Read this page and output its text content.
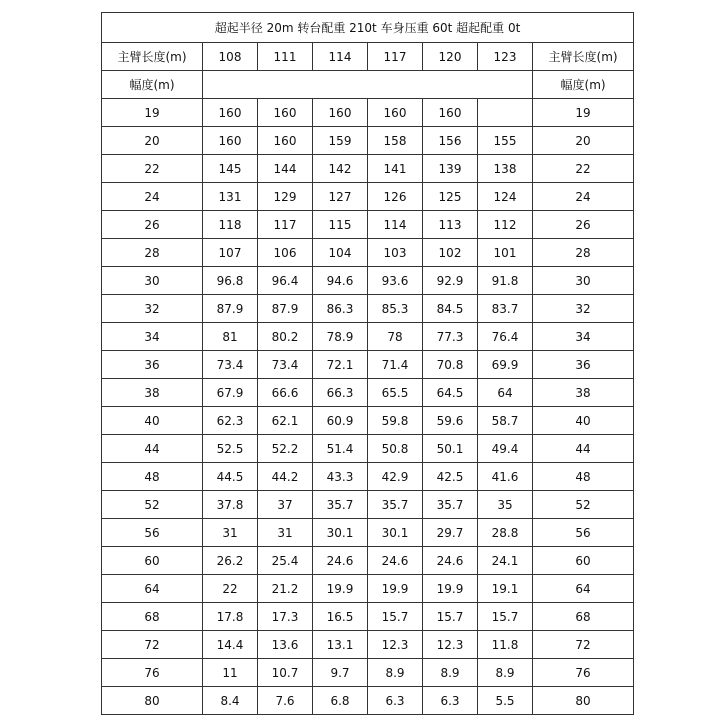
超起半径 20m 转台配重 210t 车身压重 60t 超起配重 0t							
主臂长度(m)	108	111	114	117	120	123	主臂长度(m)
幅度(m)							幅度(m)
19	160	160	160	160	160		19
20	160	160	159	158	156	155	20
22	145	144	142	141	139	138	22
24	131	129	127	126	125	124	24
26	118	117	115	114	113	112	26
28	107	106	104	103	102	101	28
30	96.8	96.4	94.6	93.6	92.9	91.8	30
32	87.9	87.9	86.3	85.3	84.5	83.7	32
34	81	80.2	78.9	78	77.3	76.4	34
36	73.4	73.4	72.1	71.4	70.8	69.9	36
38	67.9	66.6	66.3	65.5	64.5	64	38
40	62.3	62.1	60.9	59.8	59.6	58.7	40
44	52.5	52.2	51.4	50.8	50.1	49.4	44
48	44.5	44.2	43.3	42.9	42.5	41.6	48
52	37.8	37	35.7	35.7	35.7	35	52
56	31	31	30.1	30.1	29.7	28.8	56
60	26.2	25.4	24.6	24.6	24.6	24.1	60
64	22	21.2	19.9	19.9	19.9	19.1	64
68	17.8	17.3	16.5	15.7	15.7	15.7	68
72	14.4	13.6	13.1	12.3	12.3	11.8	72
76	11	10.7	9.7	8.9	8.9	8.9	76
80	8.4	7.6	6.8	6.3	6.3	5.5	80
